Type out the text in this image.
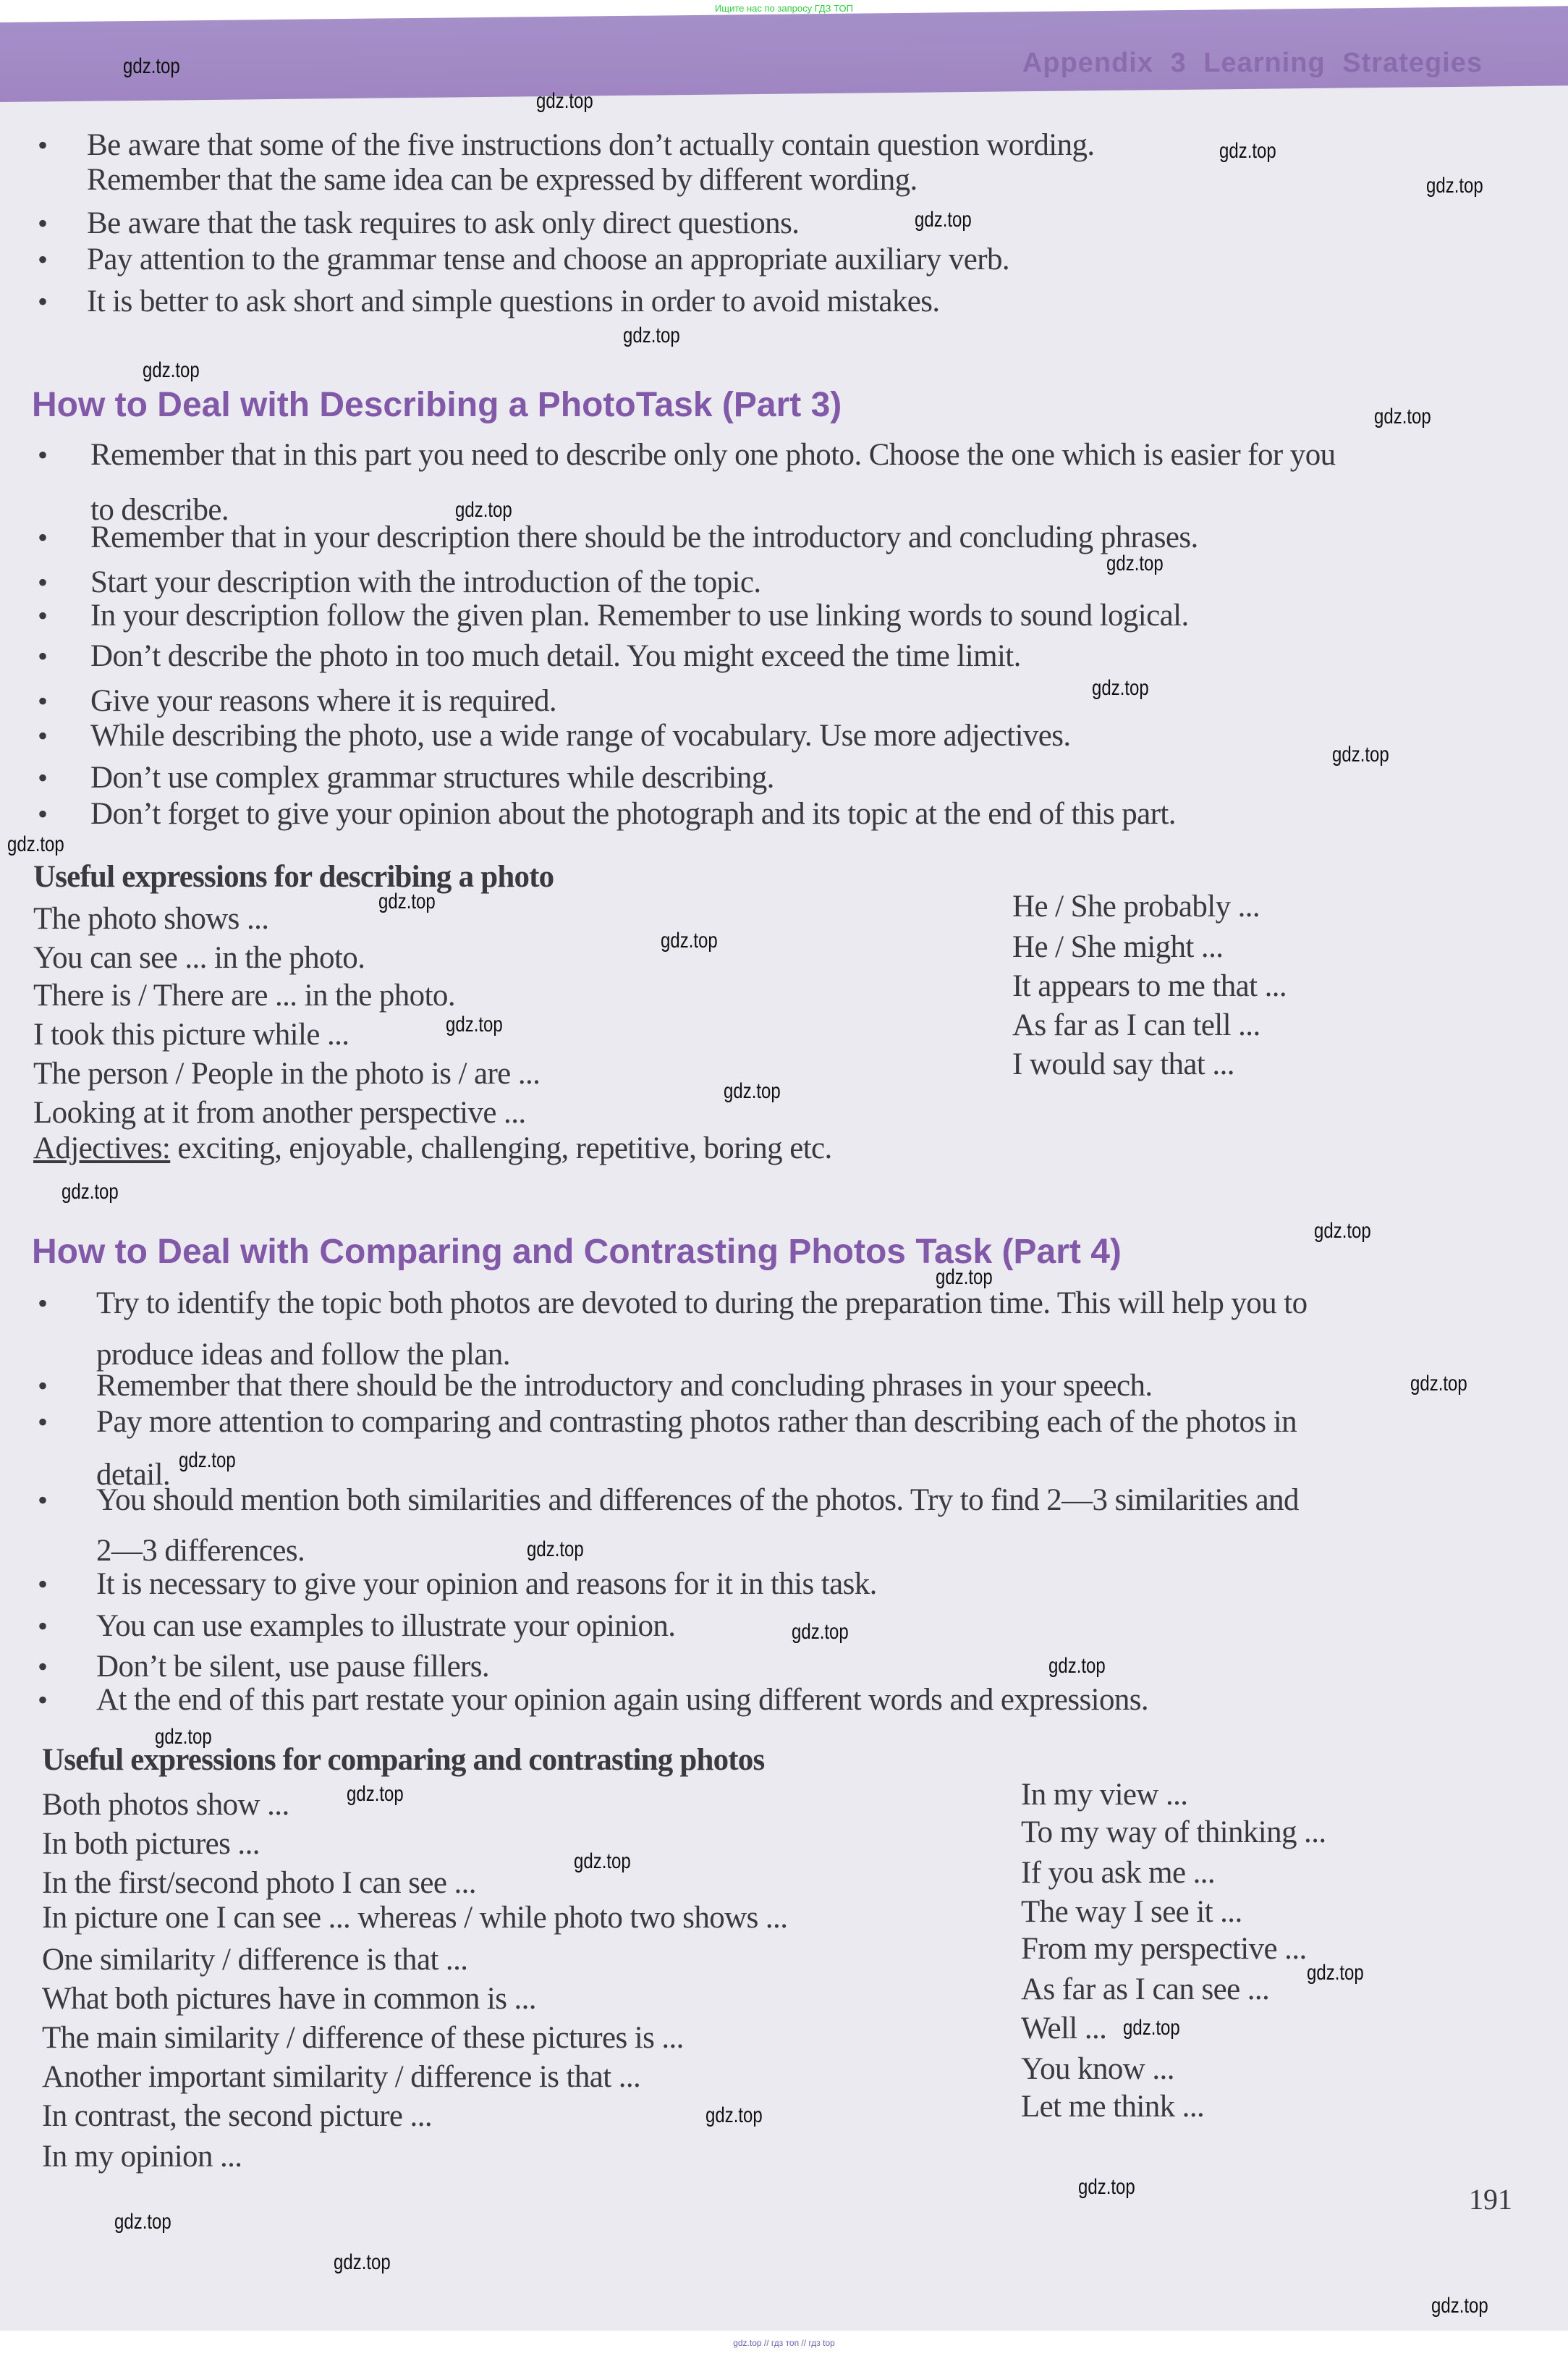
Ищите нас по запросу ГДЗ ТОП
Appendix 3 Learning Strategies
• Be aware that some of the five instructions don’t actually contain question wording.
Remember that the same idea can be expressed by different wording.
• Be aware that the task requires to ask only direct questions.
• Pay attention to the grammar tense and choose an appropriate auxiliary verb.
• It is better to ask short and simple questions in order to avoid mistakes.
How to Deal with Describing a PhotoTask (Part 3)
• Remember that in this part you need to describe only one photo. Choose the one which is easier for you
to describe.
• Remember that in your description there should be the introductory and concluding phrases.
• Start your description with the introduction of the topic.
• In your description follow the given plan. Remember to use linking words to sound logical.
• Don’t describe the photo in too much detail. You might exceed the time limit.
• Give your reasons where it is required.
• While describing the photo, use a wide range of vocabulary. Use more adjectives.
• Don’t use complex grammar structures while describing.
• Don’t forget to give your opinion about the photograph and its topic at the end of this part.
Useful expressions for describing a photo
The photo shows ...
You can see ... in the photo.
There is / There are ... in the photo.
I took this picture while ...
The person / People in the photo is / are ...
Looking at it from another perspective ...
Adjectives: exciting, enjoyable, challenging, repetitive, boring etc.
He / She probably ...
He / She might ...
It appears to me that ...
As far as I can tell ...
I would say that ...
How to Deal with Comparing and Contrasting Photos Task (Part 4)
• Try to identify the topic both photos are devoted to during the preparation time. This will help you to
produce ideas and follow the plan.
• Remember that there should be the introductory and concluding phrases in your speech.
• Pay more attention to comparing and contrasting photos rather than describing each of the photos in
detail.
• You should mention both similarities and differences of the photos. Try to find 2—3 similarities and
2—3 differences.
• It is necessary to give your opinion and reasons for it in this task.
• You can use examples to illustrate your opinion.
• Don’t be silent, use pause fillers.
• At the end of this part restate your opinion again using different words and expressions.
Useful expressions for comparing and contrasting photos
Both photos show ...
In both pictures ...
In the first/second photo I can see ...
In picture one I can see ... whereas / while photo two shows ...
One similarity / difference is that ...
What both pictures have in common is ...
The main similarity / difference of these pictures is ...
Another important similarity / difference is that ...
In contrast, the second picture ...
In my opinion ...
In my view ...
To my way of thinking ...
If you ask me ...
The way I see it ...
From my perspective ...
As far as I can see ...
Well ...
You know ...
Let me think ...
191
gdz.top
gdz.top
gdz.top
gdz.top
gdz.top
gdz.top
gdz.top
gdz.top
gdz.top
gdz.top
gdz.top
gdz.top
gdz.top
gdz.top
gdz.top
gdz.top
gdz.top
gdz.top
gdz.top
gdz.top
gdz.top
gdz.top
gdz.top
gdz.top
gdz.top
gdz.top
gdz.top
gdz.top
gdz.top
gdz.top
gdz.top
gdz.top
gdz.top
gdz.top
gdz.top
gdz.top // гдз топ // гдз top
